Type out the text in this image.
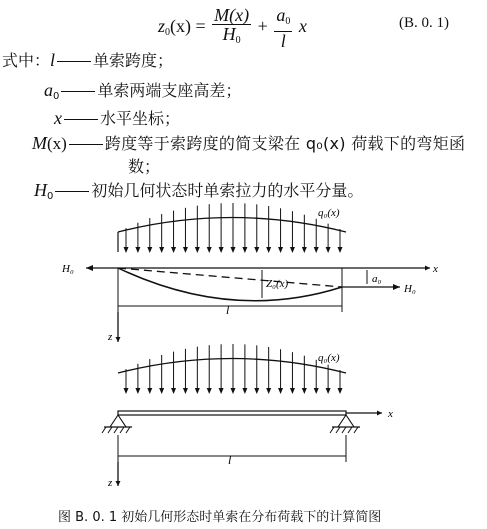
$z_0(x) = \frac{M(x)}{H_0} + \frac{a_0}{l}$ x	(B. 0. 1)
式中：l 单索跨度；
$a_0$ 单索两端支座高差；
x 水平坐标；
M(x) 跨度等于索跨度的简支梁在 q₀(x) 荷载下的弯矩函
数；
$H_0$ 初始几何状态时单索拉力的水平分量。
q₀(x)
H₀	x
Z₀(x)	a₀
H₀
l
z
q₀(x)
x
l
z
图 B. 0. 1 初始几何形态时单索在分布荷载下的计算简图
